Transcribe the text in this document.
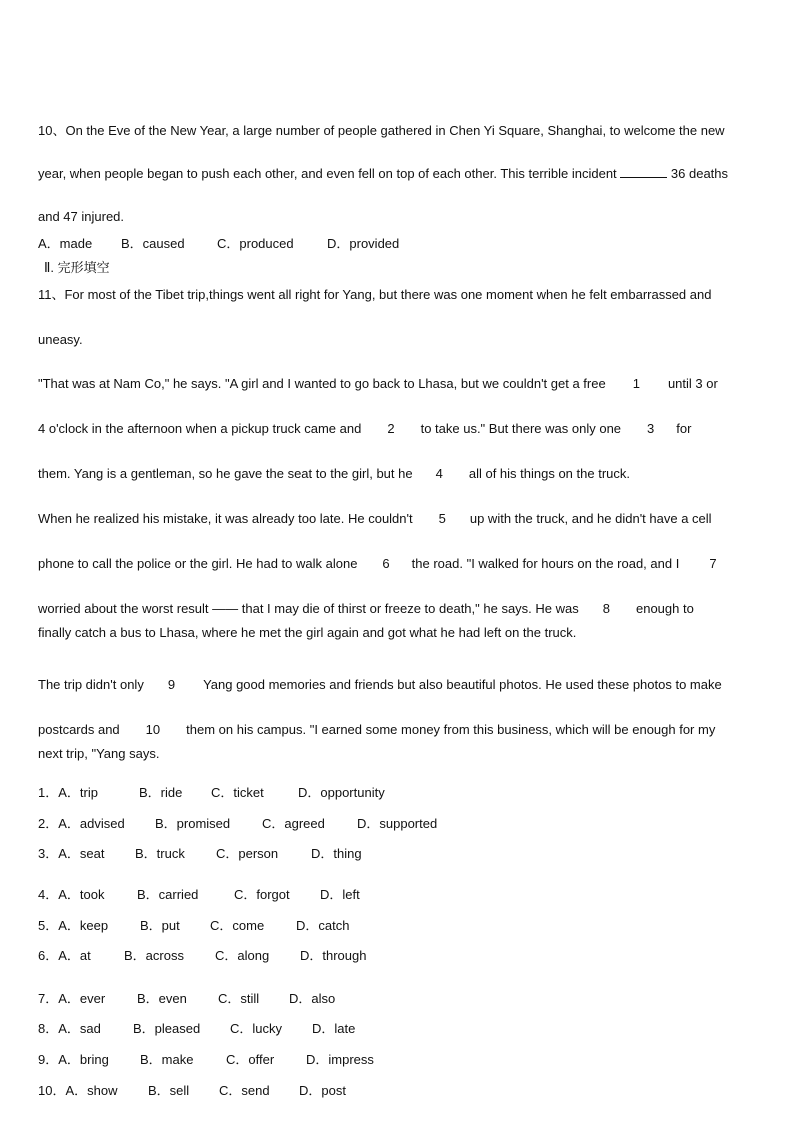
10、On the Eve of the New Year, a large number of people gathered in Chen Yi Square, Shanghai, to welcome the new
year, when people began to push each other, and even fell on top of each other. This terrible incident	36 deaths
and 47 injured.
A．made B．caused C．produced	D．provided
Ⅱ. 完形填空
11、For most of the Tibet trip,things went all right for Yang, but there was one moment when he felt embarrassed and
uneasy.
"That was at Nam Co," he says. "A girl and I wanted to go back to Lhasa, but we couldn't get a free 1 until 3 or
4 o'clock in the afternoon when a pickup truck came and 2 to take us." But there was only one 3 for
them. Yang is a gentleman, so he gave the seat to the girl, but he 4 all of his things on the truck.
When he realized his mistake, it was already too late. He couldn't 5 up with the truck, and he didn't have a cell
phone to call the police or the girl. He had to walk alone 6 the road. "I walked for hours on the road, and I 7
worried about the worst result —— that I may die of thirst or freeze to death," he says. He was 8 enough to
finally catch a bus to Lhasa, where he met the girl again and got what he had left on the truck.
The trip didn't only 9 Yang good memories and friends but also beautiful photos. He used these photos to make
postcards and 10 them on his campus. "I earned some money from this business, which will be enough for my
next trip, "Yang says.
1．A．trip	B．ride C．ticket	D．opportunity
2．A．advised B．promised C．agreed D．supported
3．A．seat B．truck C．person	D．thing
4．A．took	B．carried	C．forgot D．left
5．A．keep B．put C．come D．catch
6．A．at	B．across C．along D．through
7．A．ever B．even C．still D．also
8．A．sad B．pleased C．lucky D．late
9．A．bring B．make	C．offer D．impress
10．A．show B．sell C．send D．post
